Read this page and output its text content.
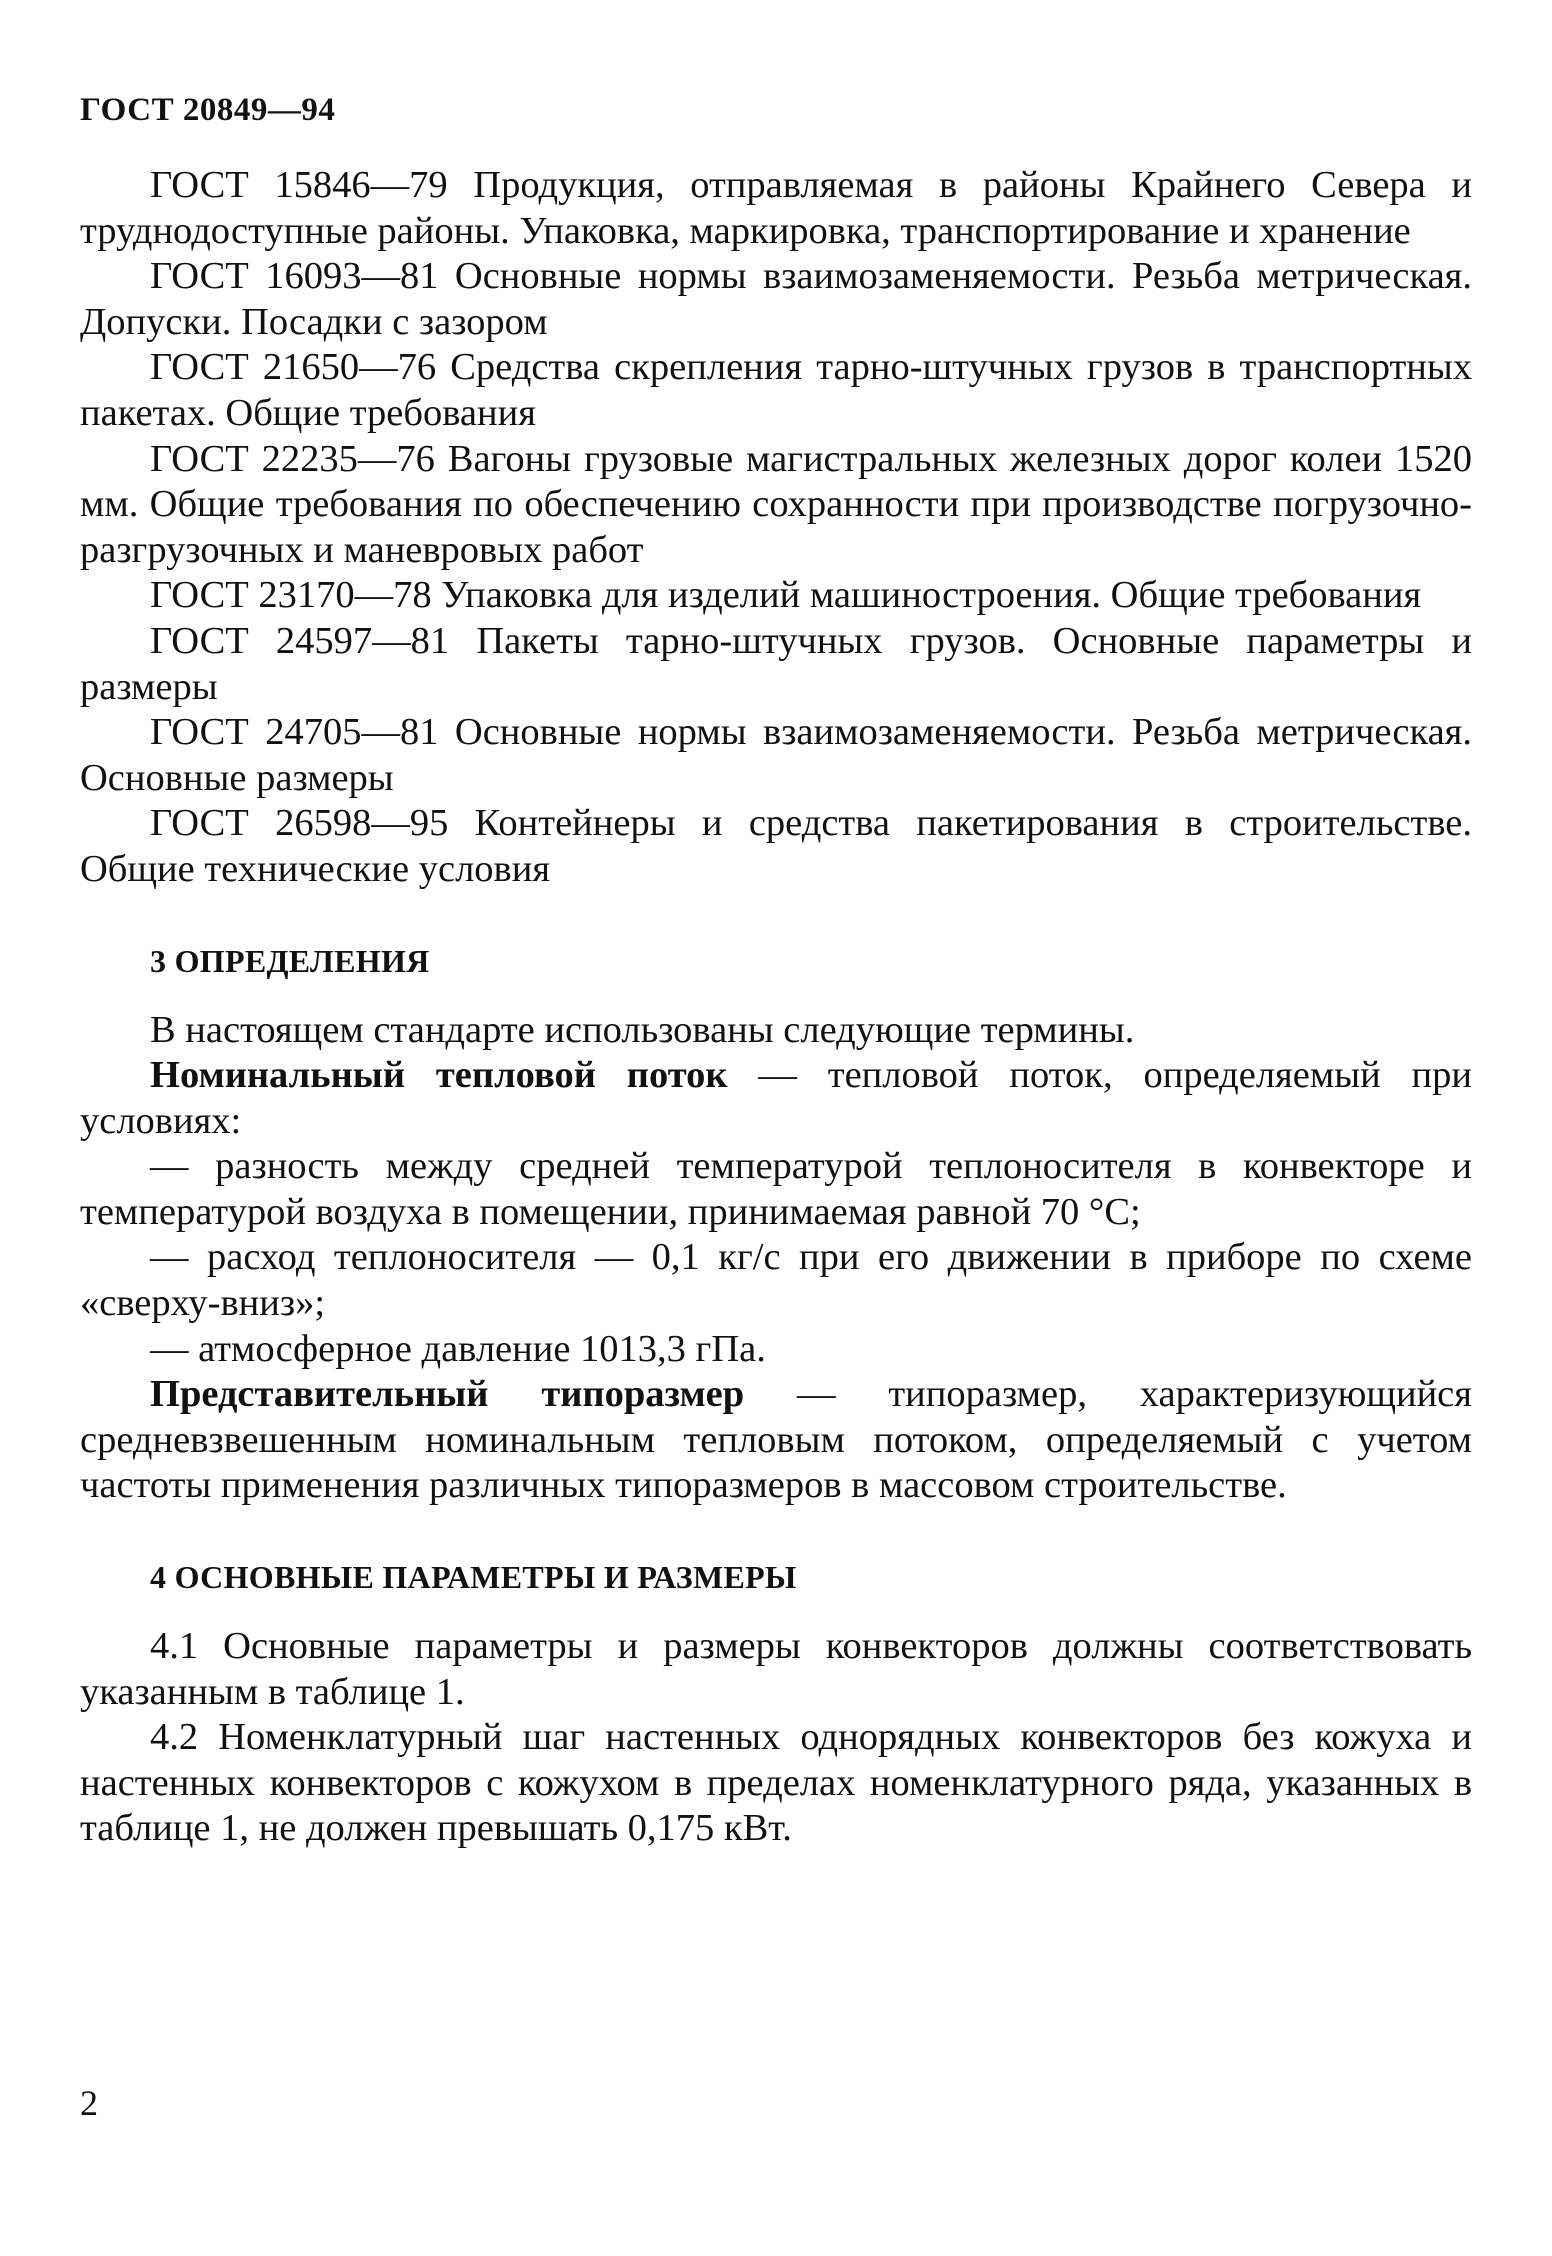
ГОСТ 20849—94

ГОСТ 15846—79 Продукция, отправляемая в районы Крайнего Севера и труднодоступные районы. Упаковка, маркировка, транспортирование и хранение

ГОСТ 16093—81 Основные нормы взаимозаменяемости. Резьба метрическая. Допуски. Посадки с зазором

ГОСТ 21650—76 Средства скрепления тарно-штучных грузов в транспортных пакетах. Общие требования

ГОСТ 22235—76 Вагоны грузовые магистральных железных дорог колеи 1520 мм. Общие требования по обеспечению сохранности при производстве погрузочно-разгрузочных и маневровых работ

ГОСТ 23170—78 Упаковка для изделий машиностроения. Общие требования

ГОСТ 24597—81 Пакеты тарно-штучных грузов. Основные параметры и размеры

ГОСТ 24705—81 Основные нормы взаимозаменяемости. Резьба метрическая. Основные размеры

ГОСТ 26598—95 Контейнеры и средства пакетирования в строительстве. Общие технические условия

3 ОПРЕДЕЛЕНИЯ

В настоящем стандарте использованы следующие термины.

Номинальный тепловой поток — тепловой поток, определяемый при условиях:

— разность между средней температурой теплоносителя в конвекторе и температурой воздуха в помещении, принимаемая равной 70 °С;

— расход теплоносителя — 0,1 кг/с при его движении в приборе по схеме «сверху-вниз»;

— атмосферное давление 1013,3 гПа.

Представительный типоразмер — типоразмер, характеризующийся средневзвешенным номинальным тепловым потоком, определяемый с учетом частоты применения различных типоразмеров в массовом строительстве.

4 ОСНОВНЫЕ ПАРАМЕТРЫ И РАЗМЕРЫ

4.1 Основные параметры и размеры конвекторов должны соответствовать указанным в таблице 1.

4.2 Номенклатурный шаг настенных однорядных конвекторов без кожуха и настенных конвекторов с кожухом в пределах номенклатурного ряда, указанных в таблице 1, не должен превышать 0,175 кВт.

2
